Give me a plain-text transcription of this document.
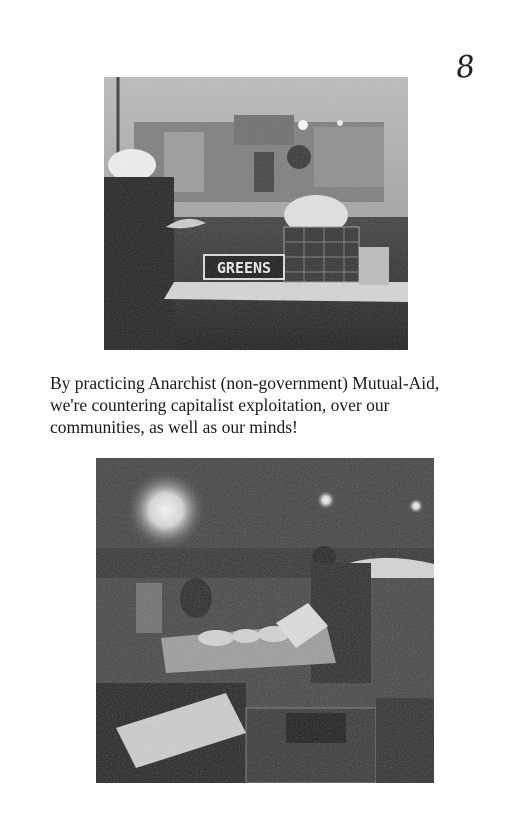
8
By practicing Anarchist (non-government) Mutual-Aid,
we're countering capitalist exploitation, over our
communities, as well as our minds!
